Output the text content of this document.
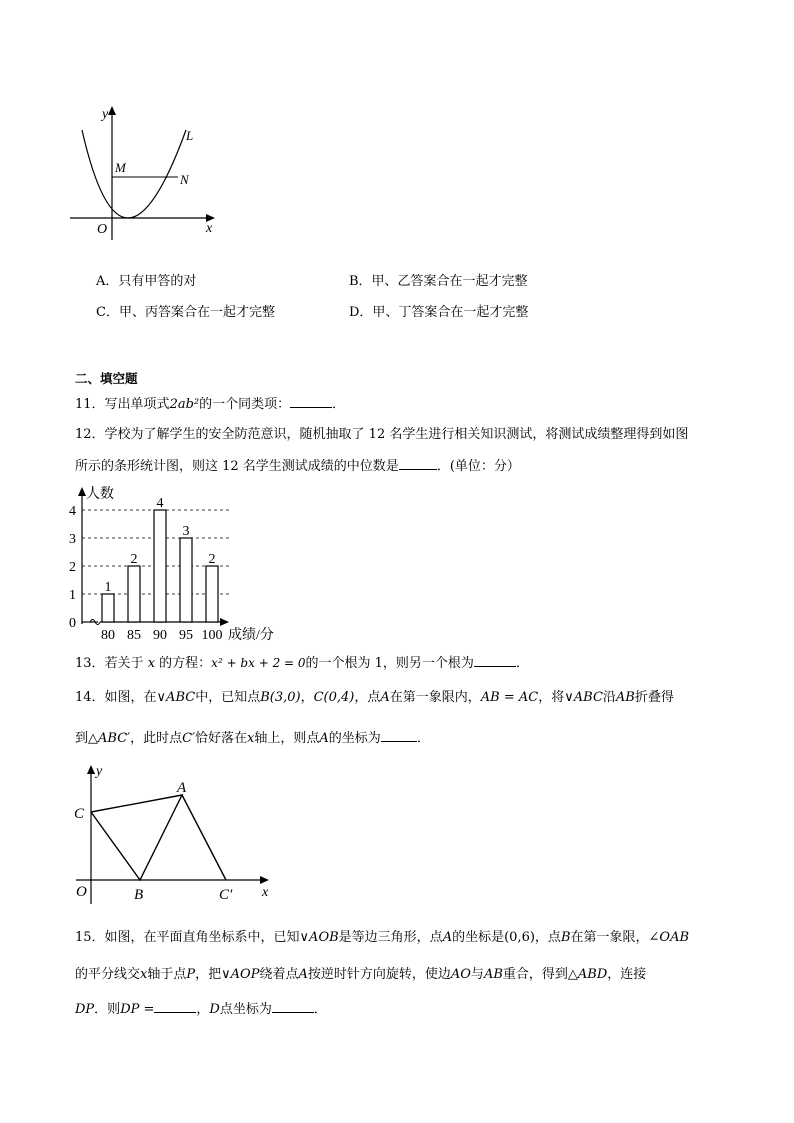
y
x
O
M
N
L
A．只有甲答的对	B．甲、乙答案合在一起才完整
C．甲、丙答案合在一起才完整	D．甲、丁答案合在一起才完整
二、填空题
11．写出单项式2ab²的一个同类项：	．
12．学校为了解学生的安全防范意识，随机抽取了 12 名学生进行相关知识测试，将测试成绩整理得到如图
所示的条形统计图，则这 12 名学生测试成绩的中位数是	．(单位：分）
人数
成绩/分
0
1
2
3
4
1
80
2
85
4
90
3
95
2
100
13．若关于 x 的方程：x² + bx + 2 = 0的一个根为 1，则另一个根为	．
14．如图，在∨ABC中，已知点B(3,0)，C(0,4)，点A在第一象限内，AB = AC，将∨ABC沿AB折叠得
到△ABC′，此时点C′恰好落在x轴上，则点A的坐标为	．
y
x
O
A
B
C
C′
15．如图，在平面直角坐标系中，已知∨AOB是等边三角形，点A的坐标是(0,6)，点B在第一象限，∠OAB
的平分线交x轴于点P，把∨AOP绕着点A按逆时针方向旋转，使边AO与AB重合，得到△ABD，连接
DP．则DP =	，D点坐标为	．
